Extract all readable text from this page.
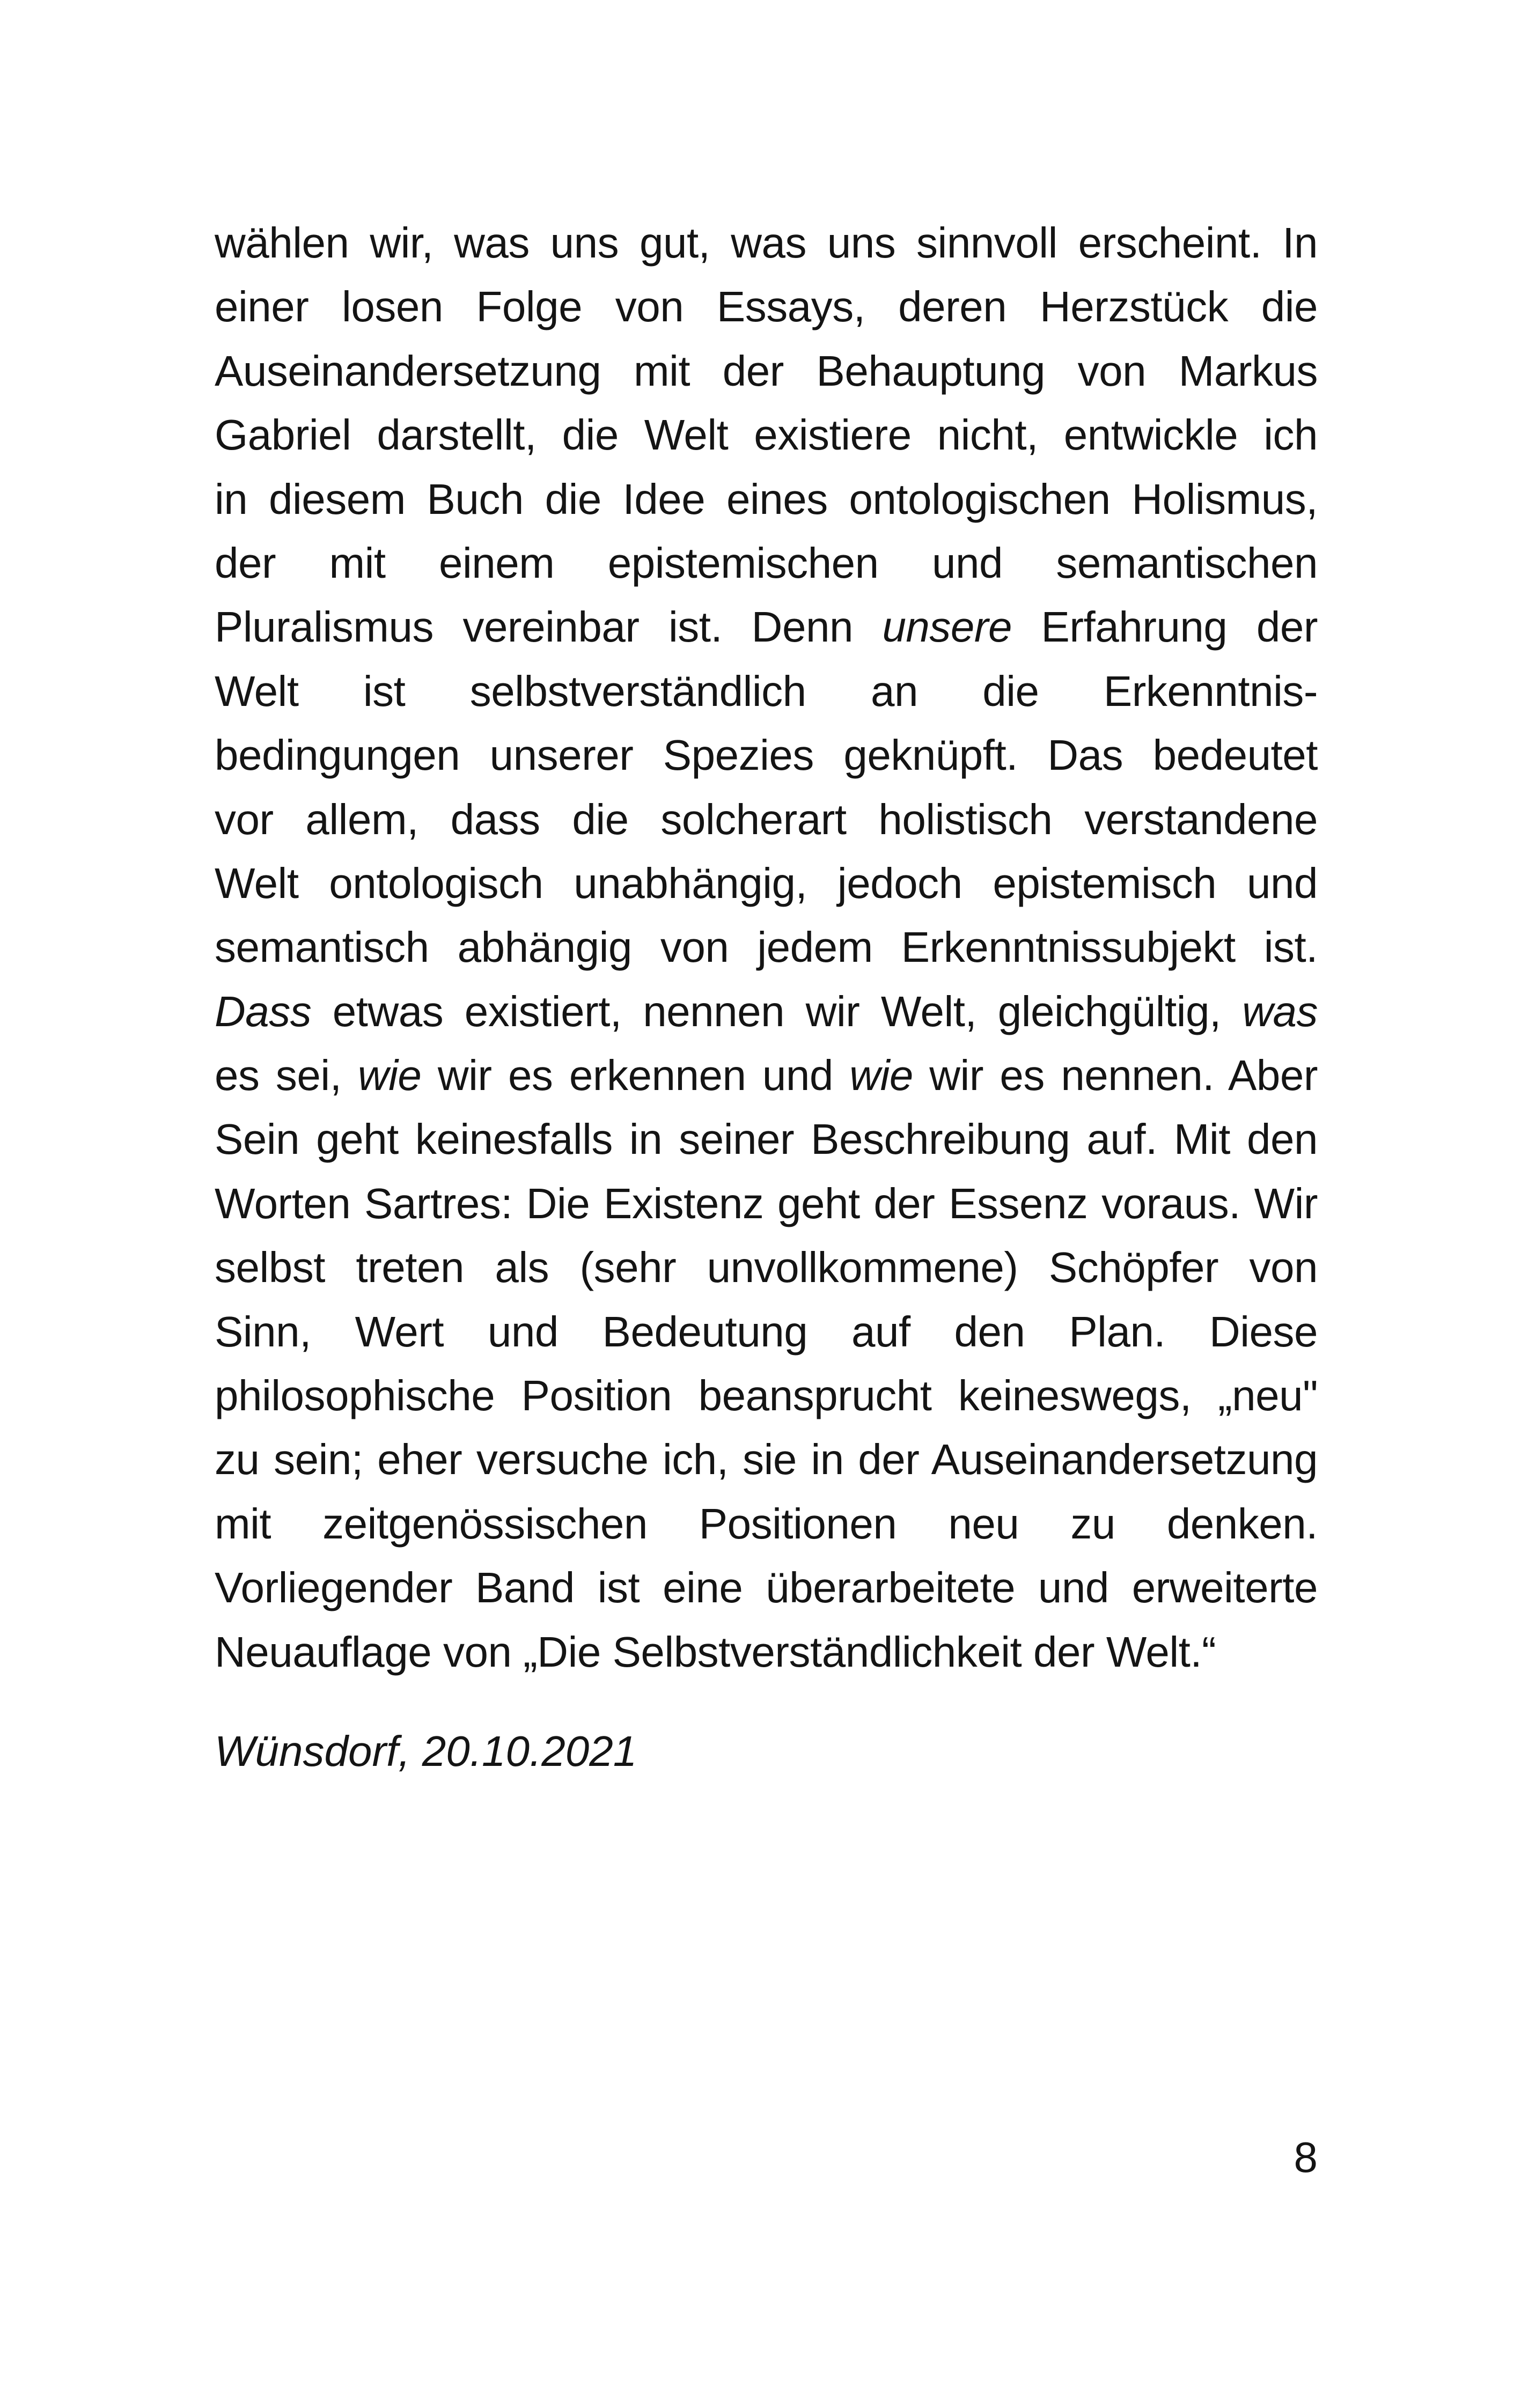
wählen wir, was uns gut, was uns sinnvoll erscheint. In
einer losen Folge von Essays, deren Herzstück die
Auseinandersetzung mit der Behauptung von Markus
Gabriel darstellt, die Welt existiere nicht, entwickle ich
in diesem Buch die Idee eines ontologischen Holismus,
der mit einem epistemischen und semantischen
Pluralismus vereinbar ist. Denn unsere Erfahrung der
Welt ist selbstverständlich an die Erkenntnis-
bedingungen unserer Spezies geknüpft. Das bedeutet
vor allem, dass die solcherart holistisch verstandene
Welt ontologisch unabhängig, jedoch epistemisch und
semantisch abhängig von jedem Erkenntnissubjekt ist.
Dass etwas existiert, nennen wir Welt, gleichgültig, was
es sei, wie wir es erkennen und wie wir es nennen. Aber
Sein geht keinesfalls in seiner Beschreibung auf. Mit den
Worten Sartres: Die Existenz geht der Essenz voraus. Wir
selbst treten als (sehr unvollkommene) Schöpfer von
Sinn, Wert und Bedeutung auf den Plan. Diese
philosophische Position beansprucht keineswegs, „neu"
zu sein; eher versuche ich, sie in der Auseinandersetzung
mit zeitgenössischen Positionen neu zu denken.
Vorliegender Band ist eine überarbeitete und erweiterte
Neuauflage von „Die Selbstverständlichkeit der Welt.“
Wünsdorf, 20.10.2021
8
